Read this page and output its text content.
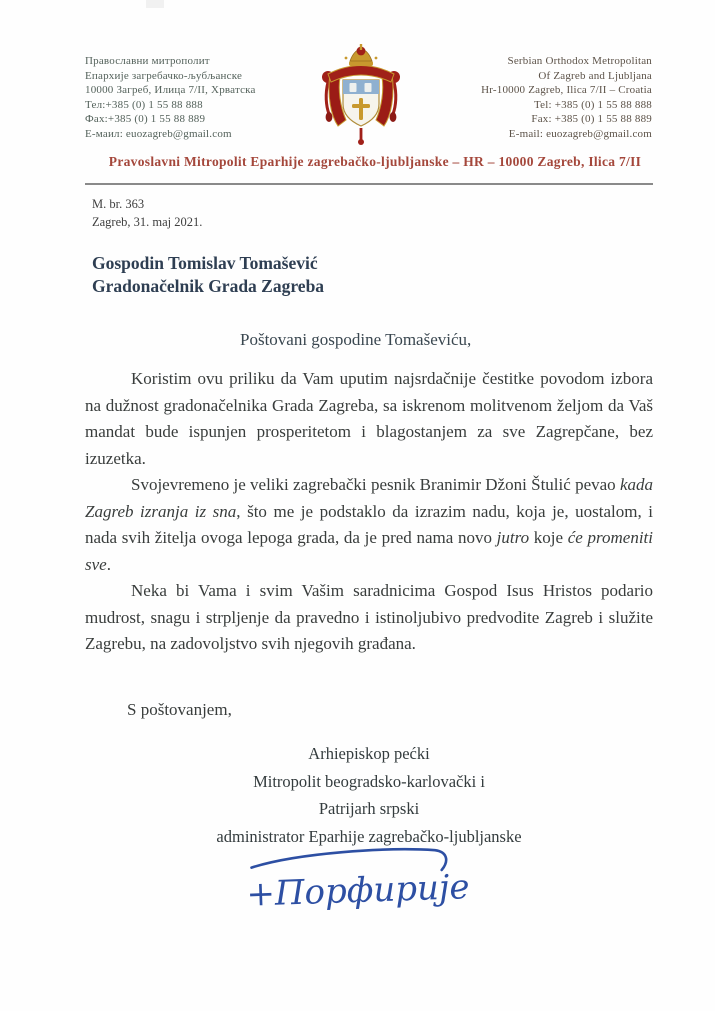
Православни митрополит
Епархије загребачко-љубљанске
10000 Загреб, Илица 7/II, Хрватска
Тел:+385 (0) 1 55 88 888
Фах:+385 (0) 1 55 88 889
Е-маил: euozagreb@gmail.com
Serbian Orthodox Metropolitan
Of Zagreb and Ljubljana
Hr-10000 Zagreb, Ilica 7/II – Croatia
Tel: +385 (0) 1 55 88 888
Fax: +385 (0) 1 55 88 889
E-mail: euozagreb@gmail.com
Pravoslavni Mitropolit Eparhije zagrebačko-ljubljanske – HR – 10000 Zagreb, Ilica 7/II
M. br. 363
Zagreb, 31. maj 2021.
Gospodin Tomislav Tomašević
Gradonačelnik Grada Zagreba
Poštovani gospodine Tomaševiću,

Koristim ovu priliku da Vam uputim najsrdačnije čestitke povodom izbora na dužnost gradonačelnika Grada Zagreba, sa iskrenom molitvenom željom da Vaš mandat bude ispunjen prosperitetom i blagostanjem za sve Zagrepčane, bez izuzetka.

Svojevremeno je veliki zagrebački pesnik Branimir Džoni Štulić pevao kada Zagreb izranja iz sna, što me je podstaklo da izrazim nadu, koja je, uostalom, i nada svih žitelja ovoga lepoga grada, da je pred nama novo jutro koje će promeniti sve.

Neka bi Vama i svim Vašim saradnicima Gospod Isus Hristos podario mudrost, snagu i strpljenje da pravedno i istinoljubivo predvodite Zagreb i služite Zagrebu, na zadovoljstvo svih njegovih građana.

S poštovanjem,
Arhiepiskop pećki
Mitropolit beogradsko-karlovački i
Patrijarh srpski
administrator Eparhije zagrebačko-ljubljanske
+Порфирије
